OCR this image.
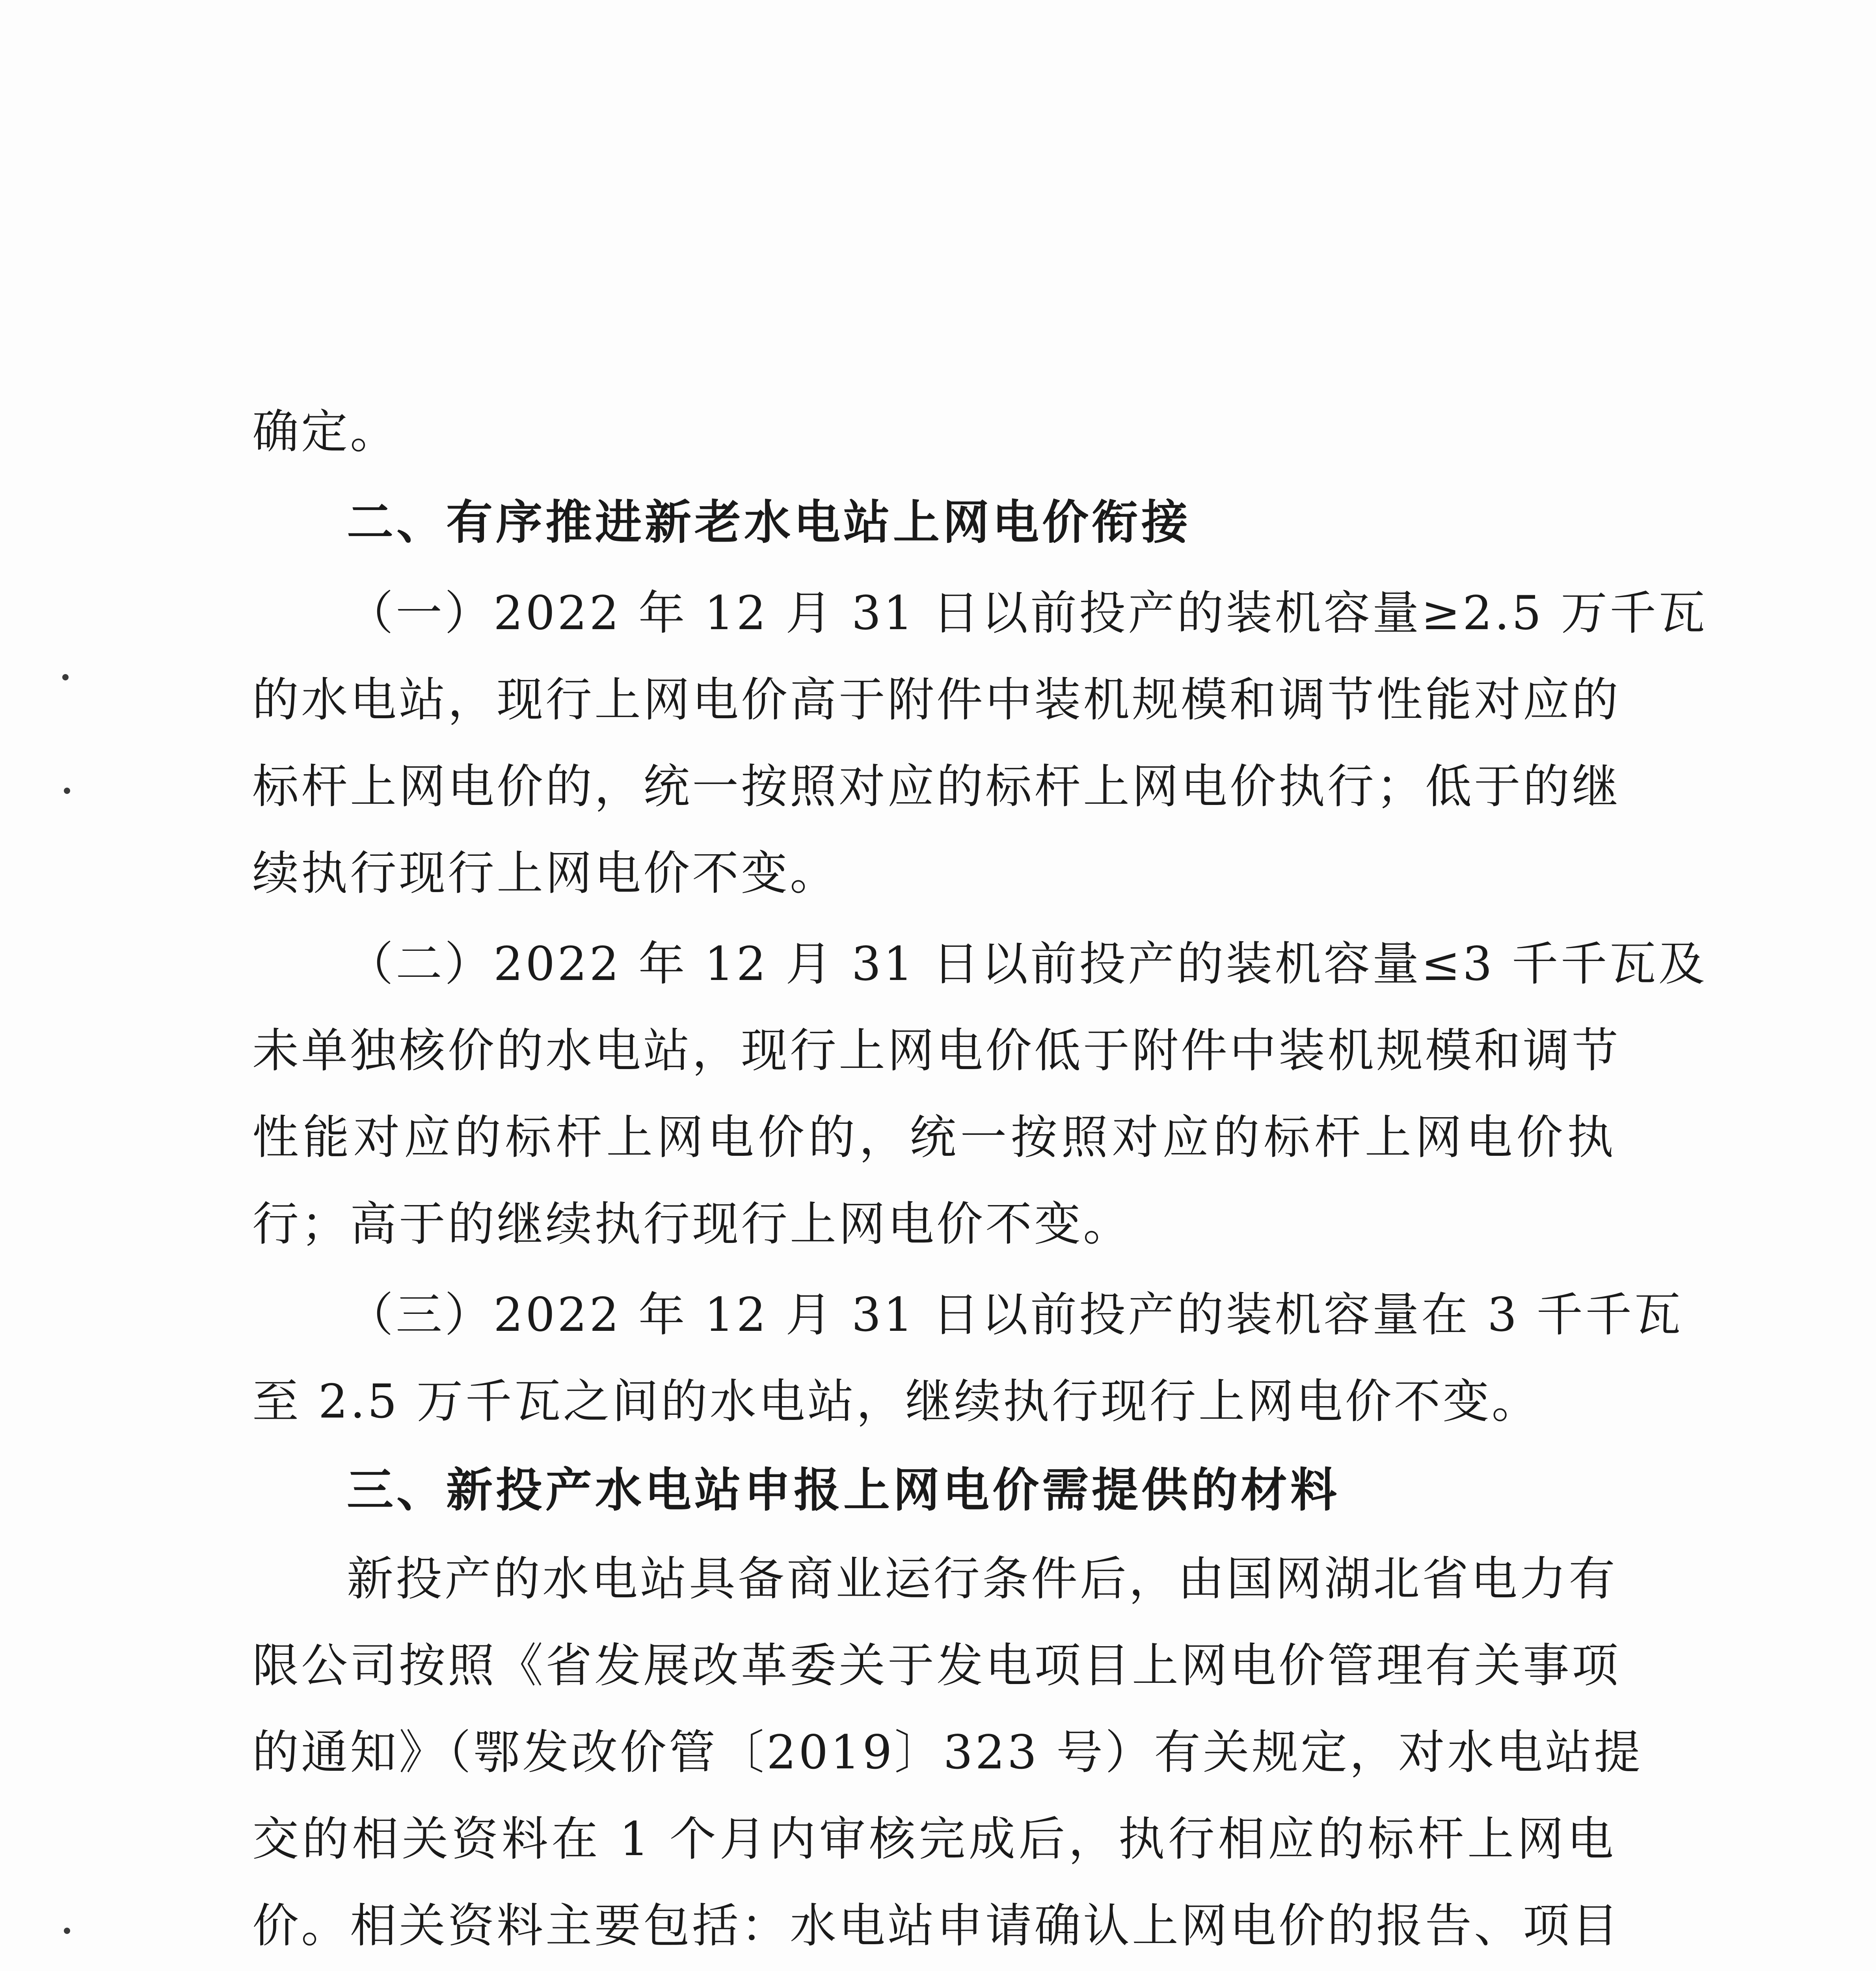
确定。
二、有序推进新老水电站上网电价衔接
（一）2022 年 12 月 31 日以前投产的装机容量≥2.5 万千瓦
的水电站，现行上网电价高于附件中装机规模和调节性能对应的
标杆上网电价的，统一按照对应的标杆上网电价执行；低于的继
续执行现行上网电价不变。
（二）2022 年 12 月 31 日以前投产的装机容量≤3 千千瓦及
未单独核价的水电站，现行上网电价低于附件中装机规模和调节
性能对应的标杆上网电价的，统一按照对应的标杆上网电价执
行；高于的继续执行现行上网电价不变。
（三）2022 年 12 月 31 日以前投产的装机容量在 3 千千瓦
至 2.5 万千瓦之间的水电站，继续执行现行上网电价不变。
三、新投产水电站申报上网电价需提供的材料
新投产的水电站具备商业运行条件后，由国网湖北省电力有
限公司按照《省发展改革委关于发电项目上网电价管理有关事项
的通知》（鄂发改价管〔2019〕323 号）有关规定，对水电站提
交的相关资料在 1 个月内审核完成后，执行相应的标杆上网电
价。相关资料主要包括：水电站申请确认上网电价的报告、项目
